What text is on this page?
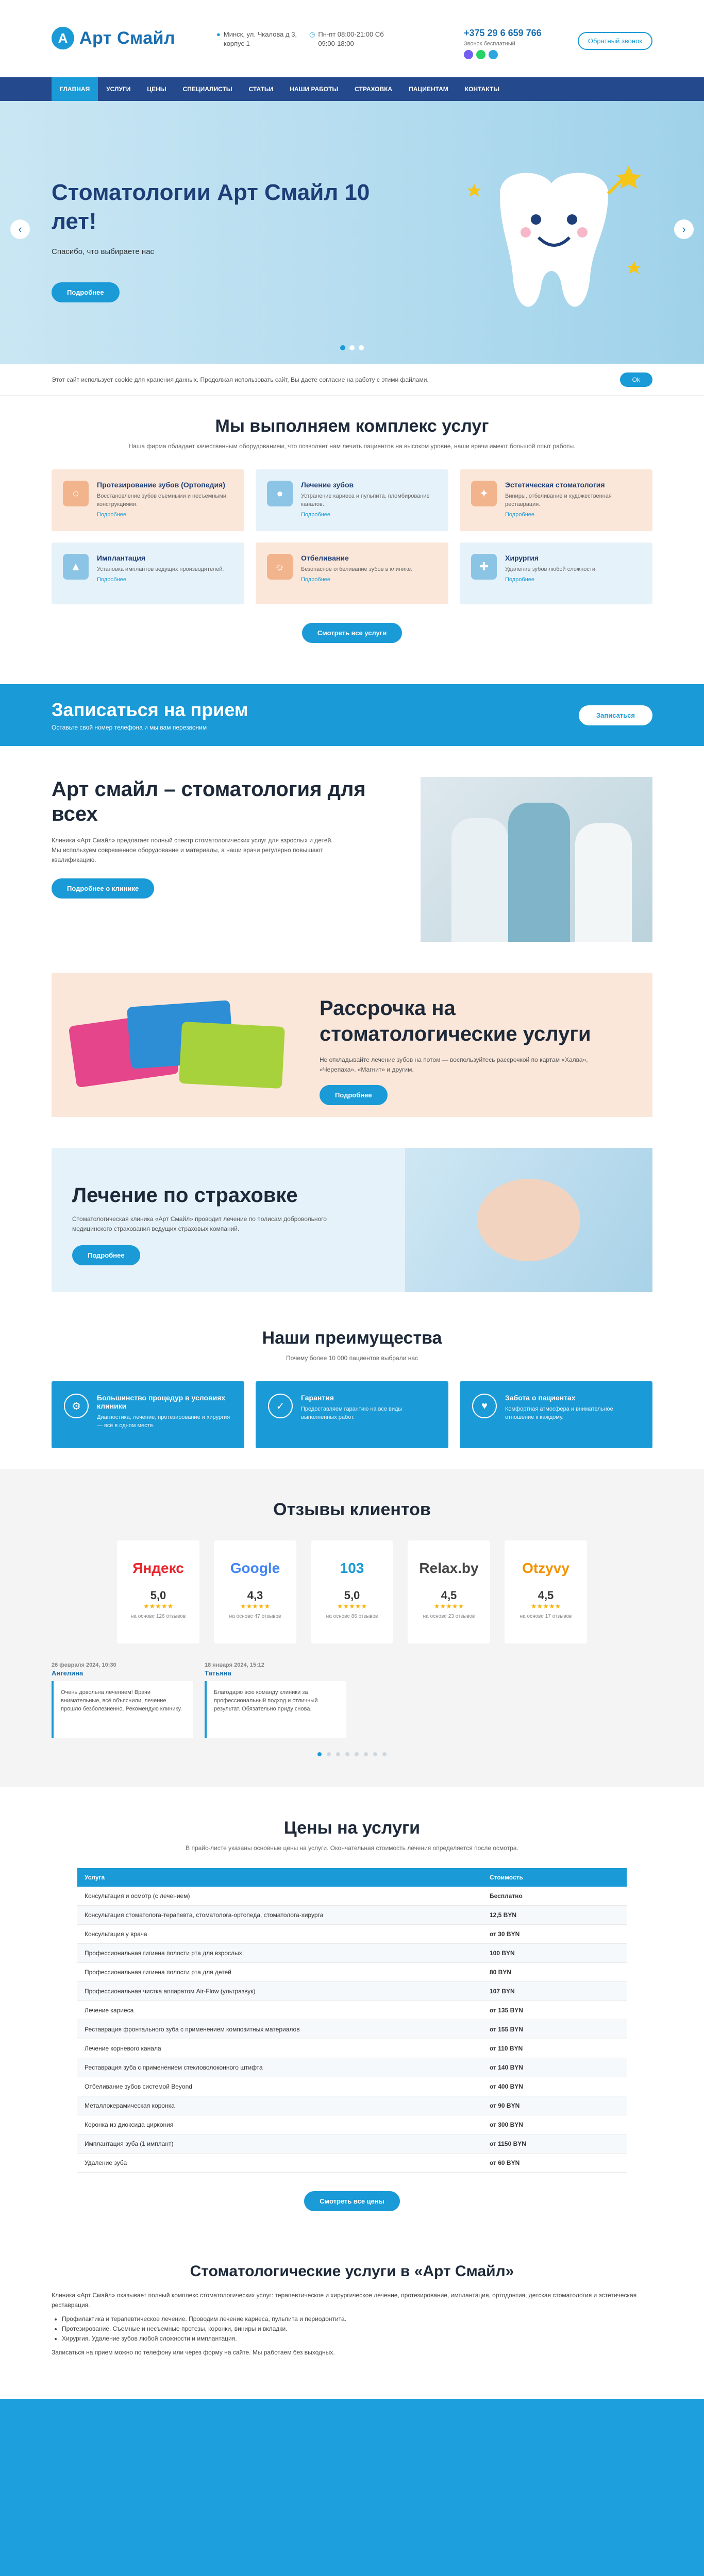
А Арт Смайл	● Минск, ул. Чкалова д 3, корпус 1
◷ Пн-пт 08:00-21:00 Сб 09:00-18:00
+375 29 6 659 766
Звонок бесплатный	Обратный звонок
ГЛАВНАЯ	УСЛУГИ	ЦЕНЫ	СПЕЦИАЛИСТЫ	СТАТЬИ	НАШИ РАБОТЫ	СТРАХОВКА	ПАЦИЕНТАМ	КОНТАКТЫ
Стоматологии Арт Смайл 10 лет!
Спасибо, что выбираете нас
Подробнее
‹	›

Этот сайт использует cookie для хранения данных. Продолжая использовать сайт, Вы даете согласие на работу с этими файлами.	Ok
Мы выполняем комплекс услуг

Наша фирма обладает качественным оборудованием, что позволяет нам лечить пациентов на высоком уровне, наши врачи имеют большой опыт работы.

○
Протезирование зубов (Ортопедия)

Восстановление зубов съемными и несъемными конструкциями.

Подробнее
●
Лечение зубов

Устранение кариеса и пульпита, пломбирование каналов.

Подробнее
✦
Эстетическая стоматология

Виниры, отбеливание и художественная реставрация.

Подробнее
▲
Имплантация

Установка имплантов ведущих производителей.

Подробнее
☼
Отбеливание

Безопасное отбеливание зубов в клинике.

Подробнее
✚
Хирургия

Удаление зубов любой сложности.

Подробнее
Смотреть все услуги
Записаться на прием

Оставьте свой номер телефона и мы вам перезвоним

Записаться
Арт смайл – стоматология для всех

Клиника «Арт Смайл» предлагает полный спектр стоматологических услуг для взрослых и детей. Мы используем современное оборудование и материалы, а наши врачи регулярно повышают квалификацию.

Подробнее о клинике
Рассрочка на стоматологические услуги

Не откладывайте лечение зубов на потом — воспользуйтесь рассрочкой по картам «Халва», «Черепаха», «Магнит» и другим.

Подробнее
Лечение по страховке

Стоматологическая клиника «Арт Смайл» проводит лечение по полисам добровольного медицинского страхования ведущих страховых компаний.

Подробнее
Наши преимущества

Почему более 10 000 пациентов выбрали нас

⚙
Большинство процедур в условиях клиники

Диагностика, лечение, протезирование и хирургия — всё в одном месте.

✓
Гарантия

Предоставляем гарантию на все виды выполненных работ.

♥
Забота о пациентах

Комфортная атмосфера и внимательное отношение к каждому.

Отзывы клиентов
Яндекс
5,0
★★★★★
на основе 126 отзывов
Google
4,3
★★★★★
на основе 47 отзывов
103
5,0
★★★★★
на основе 86 отзывов
Relax.by
4,5
★★★★★
на основе 23 отзывов
Otzyvy
4,5
★★★★★
на основе 17 отзывов
26 февраля 2024, 10:30
Ангелина
Очень довольна лечением! Врачи внимательные, всё объяснили, лечение прошло безболезненно. Рекомендую клинику.
18 января 2024, 15:12
Татьяна
Благодарю всю команду клиники за профессиональный подход и отличный результат. Обязательно приду снова.
Цены на услуги

В прайс-листе указаны основные цены на услуги. Окончательная стоимость лечения определяется после осмотра.

Услуга	Стоимость
Консультация и осмотр (с лечением)	Бесплатно
Консультация стоматолога-терапевта, стоматолога-ортопеда, стоматолога-хирурга	12,5 BYN
Консультация у врача	от 30 BYN
Профессиональная гигиена полости рта для взрослых	100 BYN
Профессиональная гигиена полости рта для детей	80 BYN
Профессиональная чистка аппаратом Air-Flow (ультразвук)	107 BYN
Лечение кариеса	от 135 BYN
Реставрация фронтального зуба с применением композитных материалов	от 155 BYN
Лечение корневого канала	от 110 BYN
Реставрация зуба с применением стекловолоконного штифта	от 140 BYN
Отбеливание зубов системой Beyond	от 400 BYN
Металлокерамическая коронка	от 90 BYN
Коронка из диоксида циркония	от 300 BYN
Имплантация зуба (1 имплант)	от 1150 BYN
Удаление зуба	от 60 BYN
Смотреть все цены
Стоматологические услуги в «Арт Смайл»

Клиника «Арт Смайл» оказывает полный комплекс стоматологических услуг: терапевтическое и хирургическое лечение, протезирование, имплантация, ортодонтия, детская стоматология и эстетическая реставрация.

• Профилактика и терапевтическое лечение. Проводим лечение кариеса, пульпита и периодонтита.
• Протезирование. Съемные и несъемные протезы, коронки, виниры и вкладки.
• Хирургия. Удаление зубов любой сложности и имплантация.

Записаться на прием можно по телефону или через форму на сайте. Мы работаем без выходных.
